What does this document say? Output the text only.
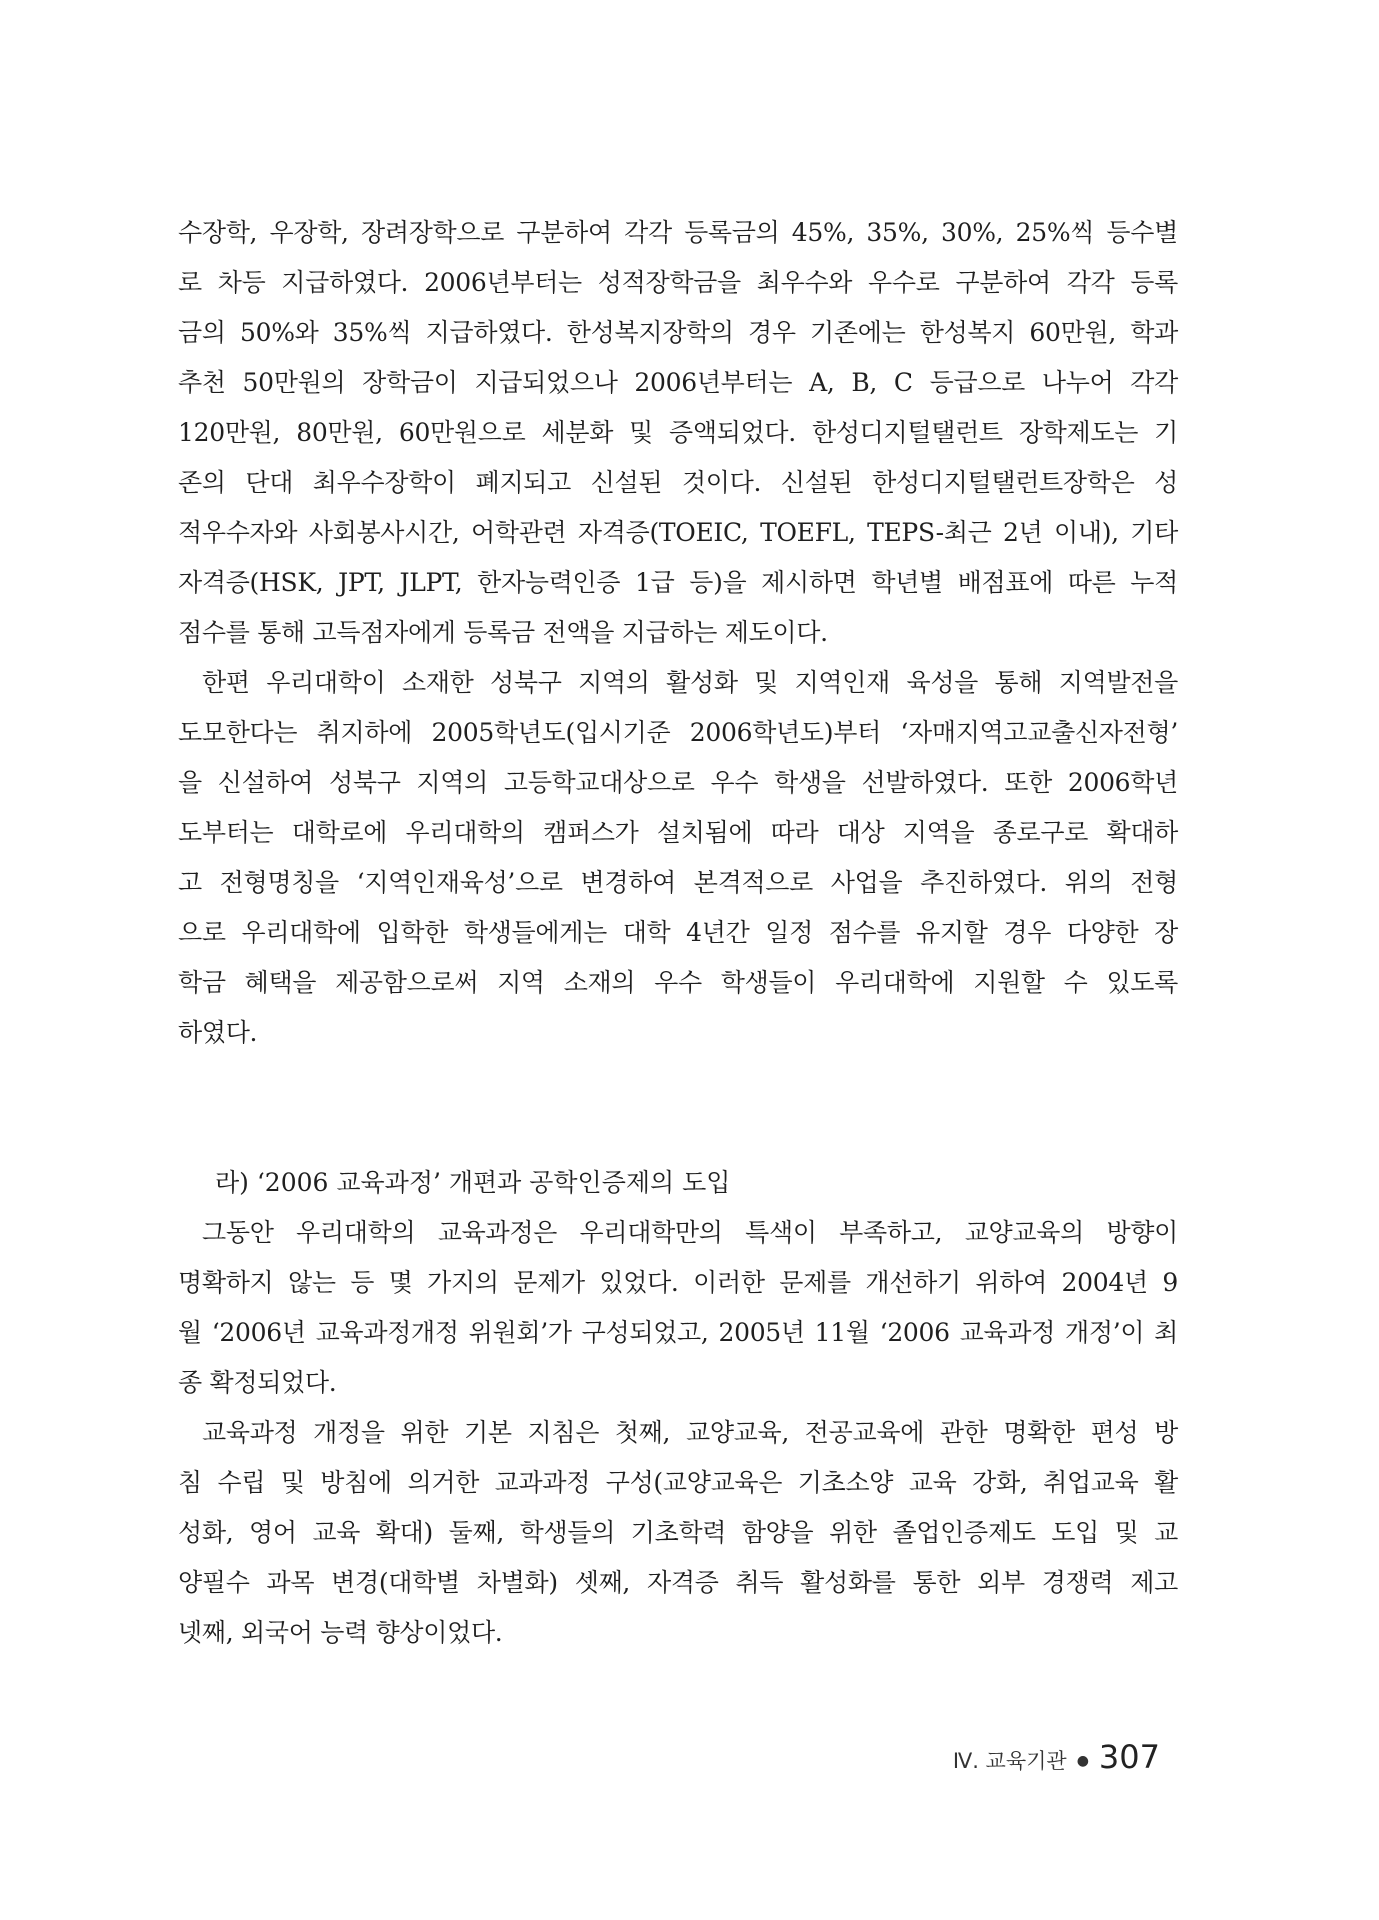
수장학, 우장학, 장려장학으로 구분하여 각각 등록금의 45%, 35%, 30%, 25%씩 등수별
로 차등 지급하였다. 2006년부터는 성적장학금을 최우수와 우수로 구분하여 각각 등록
금의 50%와 35%씩 지급하였다. 한성복지장학의 경우 기존에는 한성복지 60만원, 학과
추천 50만원의 장학금이 지급되었으나 2006년부터는 A, B, C 등급으로 나누어 각각
120만원, 80만원, 60만원으로 세분화 및 증액되었다. 한성디지털탤런트 장학제도는 기
존의 단대 최우수장학이 폐지되고 신설된 것이다. 신설된 한성디지털탤런트장학은 성
적우수자와 사회봉사시간, 어학관련 자격증(TOEIC, TOEFL, TEPS-최근 2년 이내), 기타
자격증(HSK, JPT, JLPT, 한자능력인증 1급 등)을 제시하면 학년별 배점표에 따른 누적
점수를 통해 고득점자에게 등록금 전액을 지급하는 제도이다.
한편 우리대학이 소재한 성북구 지역의 활성화 및 지역인재 육성을 통해 지역발전을
도모한다는 취지하에 2005학년도(입시기준 2006학년도)부터 ‘자매지역고교출신자전형’
을 신설하여 성북구 지역의 고등학교대상으로 우수 학생을 선발하였다. 또한 2006학년
도부터는 대학로에 우리대학의 캠퍼스가 설치됨에 따라 대상 지역을 종로구로 확대하
고 전형명칭을 ‘지역인재육성’으로 변경하여 본격적으로 사업을 추진하였다. 위의 전형
으로 우리대학에 입학한 학생들에게는 대학 4년간 일정 점수를 유지할 경우 다양한 장
학금 혜택을 제공함으로써 지역 소재의 우수 학생들이 우리대학에 지원할 수 있도록
하였다.
라) ‘2006 교육과정’ 개편과 공학인증제의 도입
그동안 우리대학의 교육과정은 우리대학만의 특색이 부족하고, 교양교육의 방향이
명확하지 않는 등 몇 가지의 문제가 있었다. 이러한 문제를 개선하기 위하여 2004년 9
월 ‘2006년 교육과정개정 위원회’가 구성되었고, 2005년 11월 ‘2006 교육과정 개정’이 최
종 확정되었다.
교육과정 개정을 위한 기본 지침은 첫째, 교양교육, 전공교육에 관한 명확한 편성 방
침 수립 및 방침에 의거한 교과과정 구성(교양교육은 기초소양 교육 강화, 취업교육 활
성화, 영어 교육 확대) 둘째, 학생들의 기초학력 함양을 위한 졸업인증제도 도입 및 교
양필수 과목 변경(대학별 차별화) 셋째, 자격증 취득 활성화를 통한 외부 경쟁력 제고
넷째, 외국어 능력 향상이었다.
Ⅳ. 교육기관 ● 307
